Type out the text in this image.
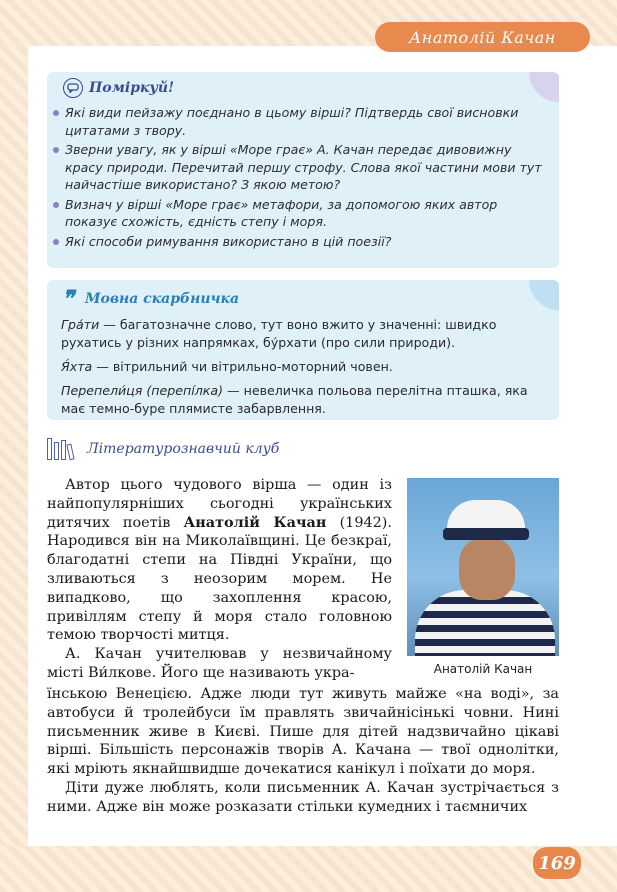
Анатолій Качан
Поміркуй!
Які види пейзажу поєднано в цьому вірші? Підтвердь свої висновки цитатами з твору.
Зверни увагу, як у вірші «Море грає» А. Качан передає дивовижну красу природи. Перечитай першу строфу. Слова якої частини мови тут найчастіше використано? З якою метою?
Визнач у вірші «Море грає» метафори, за допомогою яких автор показує схожість, єдність степу і моря.
Які способи римування використано в цій поезії?
❞ Мовна скарбничка

Гра́ти — багатозначне слово, тут воно вжито у значенні: швидко рухатись у різних напрямках, бу́рхати (про сили природи).

Я́хта — вітрильний чи вітрильно-моторний човен.

Перепели́ця (перепі́лка) — невеличка польова перелітна пташка, яка має темно-буре плямисте забарвлення.

Літературознавчий клуб
Анатолій Качан

Автор цього чудового вірша — один із найпопулярніших сьогодні українських дитячих поетів Анатолій Качан (1942). Народився він на Миколаївщині. Це безкраї, благодатні степи на Півдні України, що зливаються з неозорим морем. Не випадково, що захоплення красою, привіллям степу й моря стало головною темою творчості митця.

А. Качан учителював у незвичайному місті Ви́лкове. Його ще називають укра-

їнською Венецією. Адже люди тут живуть майже «на воді», за автобуси й тролейбуси їм правлять звичайнісінькі човни. Нині письменник живе в Києві. Пише для дітей надзвичайно цікаві вірші. Більшість персонажів творів А. Качана — твої однолітки, які мріють якнайшвидше дочекатися канікул і поїхати до моря.

Діти дуже люблять, коли письменник А. Качан зустрічається з ними. Адже він може розказати стільки кумедних і таємничих

169
